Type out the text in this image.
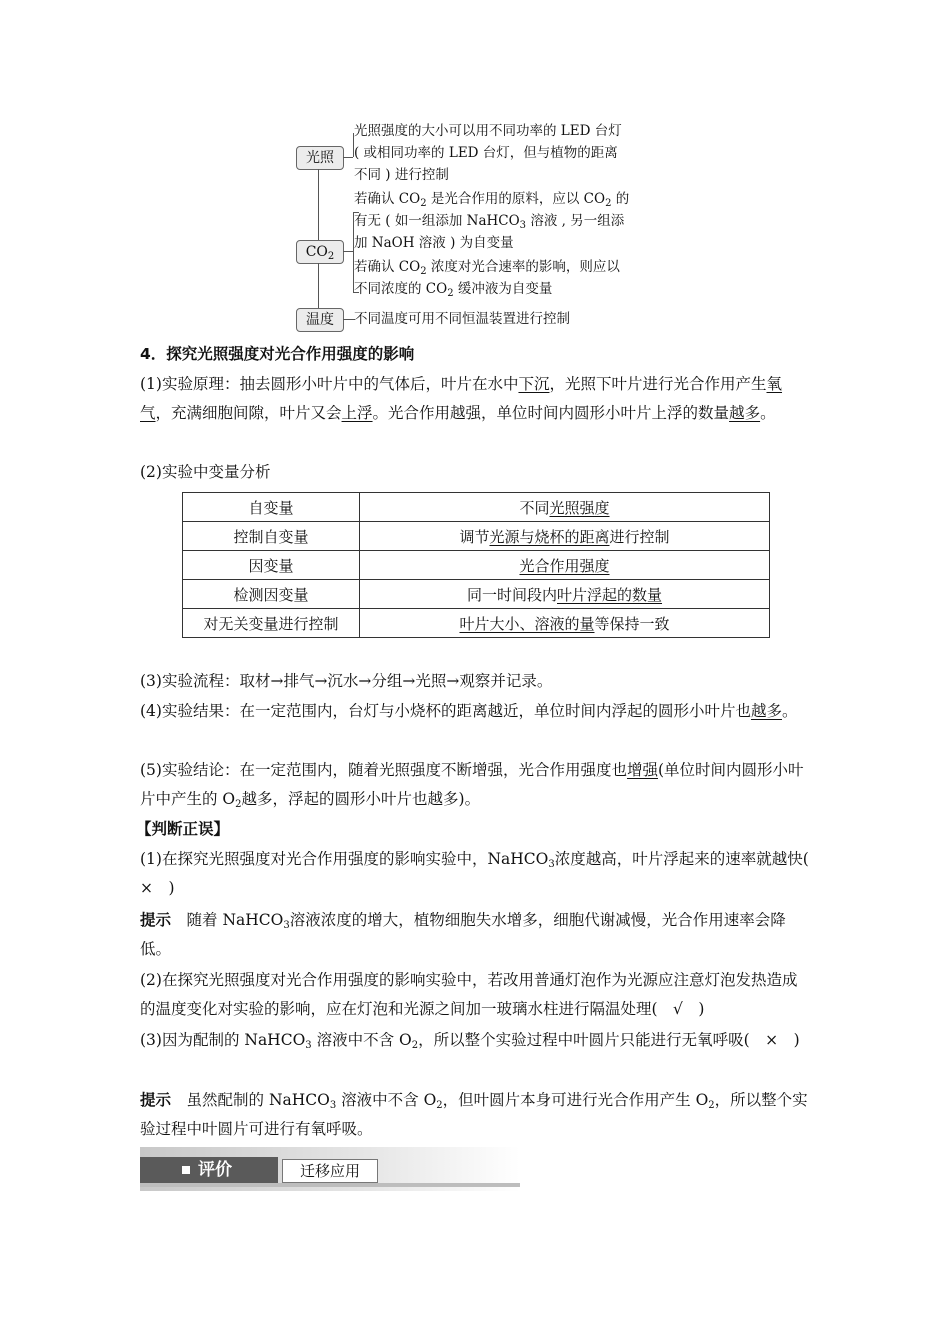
光照
$CO_2$
温度
光照强度的大小可以用不同功率的 LED 台灯
( 或相同功率的 LED 台灯，但与植物的距离
不同 ) 进行控制
若确认 $CO_2$ 是光合作用的原料，应以 $CO_2$ 的
有无 ( 如一组添加 NaHCO$_3$ 溶液 , 另一组添
加 NaOH 溶液 ) 为自变量
若确认 $CO_2$ 浓度对光合速率的影响，则应以
不同浓度的 $CO_2$ 缓冲液为自变量
不同温度可用不同恒温装置进行控制
4．探究光照强度对光合作用强度的影响
(1)实验原理：抽去圆形小叶片中的气体后，叶片在水中下沉，光照下叶片进行光合作用产生氧气，充满细胞间隙，叶片又会上浮。光合作用越强，单位时间内圆形小叶片上浮的数量越多。
(2)实验中变量分析
自变量	不同光照强度
控制自变量	调节光源与烧杯的距离进行控制
因变量	光合作用强度
检测因变量	同一时间段内叶片浮起的数量
对无关变量进行控制	叶片大小、溶液的量等保持一致
(3)实验流程：取材→排气→沉水→分组→光照→观察并记录。
(4)实验结果：在一定范围内，台灯与小烧杯的距离越近，单位时间内浮起的圆形小叶片也越多。
(5)实验结论：在一定范围内，随着光照强度不断增强，光合作用强度也增强(单位时间内圆形小叶片中产生的 $O_2$越多，浮起的圆形小叶片也越多)。
【判断正误】
(1)在探究光照强度对光合作用强度的影响实验中，NaHCO$_3$浓度越高，叶片浮起来的速率就越快(　×　)
提示　随着 NaHCO$_3$溶液浓度的增大，植物细胞失水增多，细胞代谢减慢，光合作用速率会降低。
(2)在探究光照强度对光合作用强度的影响实验中，若改用普通灯泡作为光源应注意灯泡发热造成的温度变化对实验的影响，应在灯泡和光源之间加一玻璃水柱进行隔温处理(　√　)
(3)因为配制的 NaHCO$_3$ 溶液中不含 $O_2$，所以整个实验过程中叶圆片只能进行无氧呼吸(　×　)
提示　虽然配制的 NaHCO$_3$ 溶液中不含 $O_2$，但叶圆片本身可进行光合作用产生 $O_2$，所以整个实验过程中叶圆片可进行有氧呼吸。
评价	迁移应用
